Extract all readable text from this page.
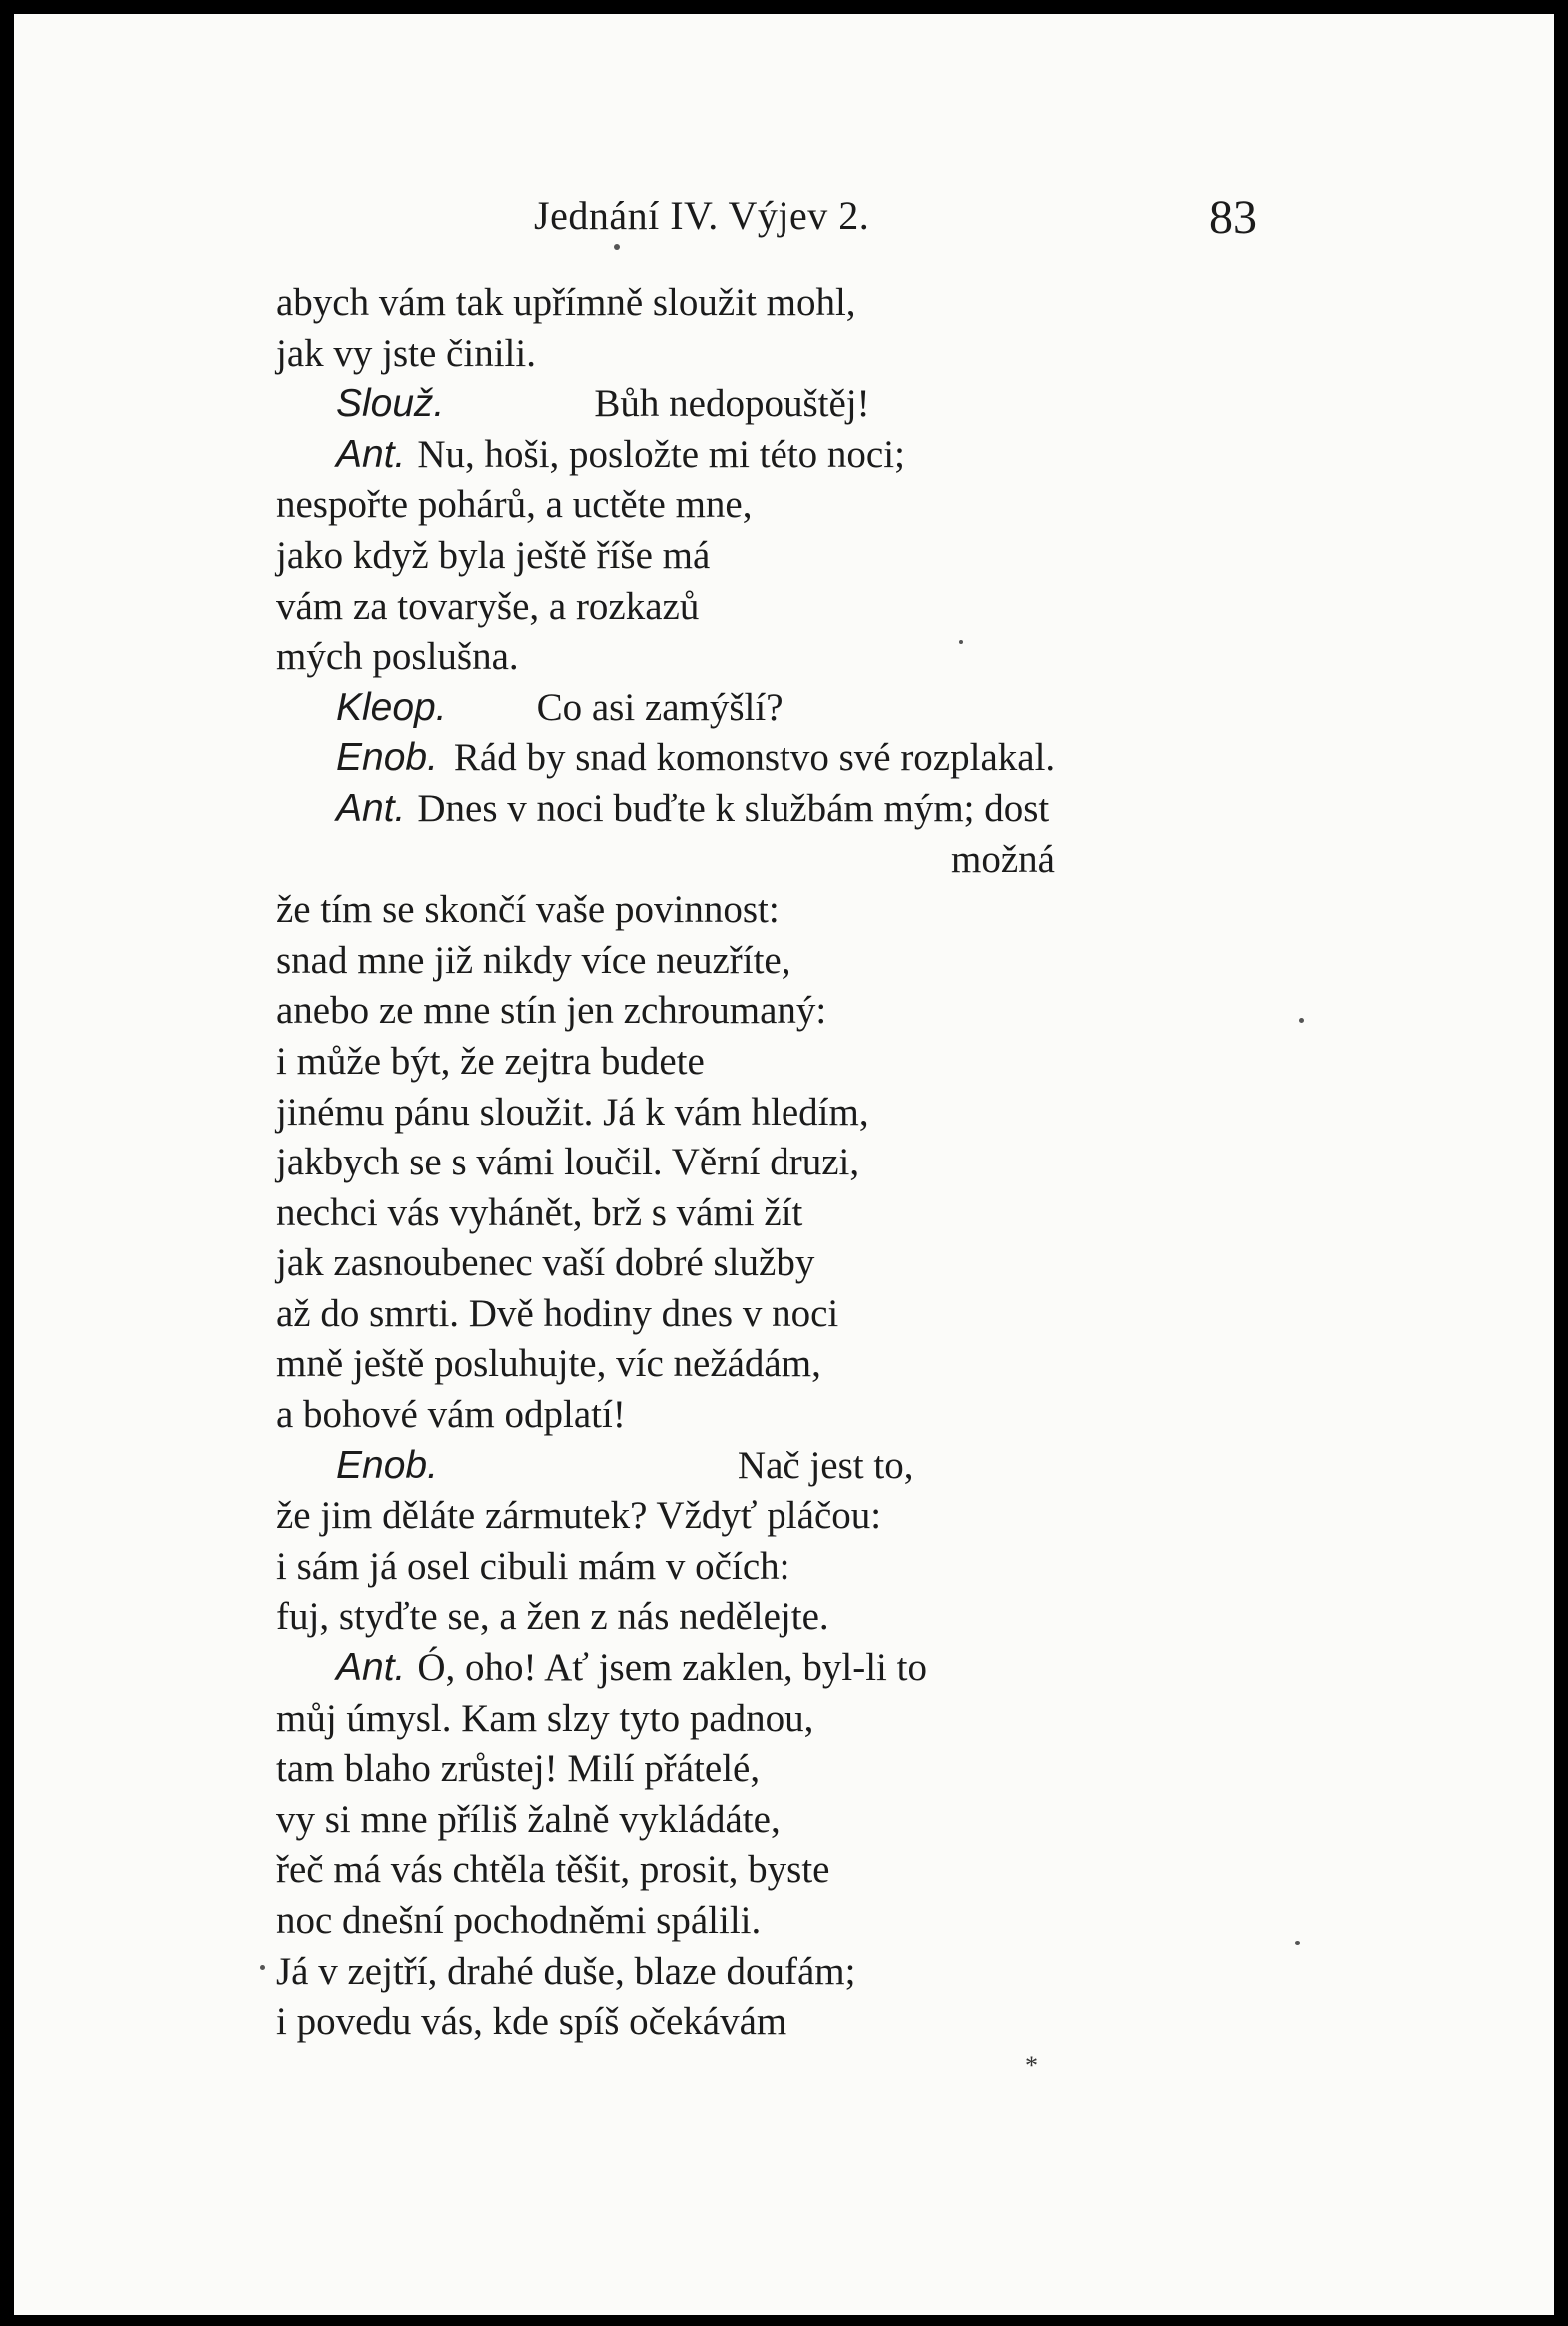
Jednání IV. Výjev 2.	83
abych vám tak upřímně sloužit mohl,
jak vy jste činili.
Slouž.	Bůh nedopouštěj!
Ant. Nu, hoši, posložte mi této noci;
nespořte pohárů, a uctěte mne,
jako když byla ještě říše má
vám za tovaryše, a rozkazů
mých poslušna.
Kleop. Co asi zamýšlí?
Enob. Rád by snad komonstvo své rozplakal.
Ant. Dnes v noci buďte k službám mým; dost
možná
že tím se skončí vaše povinnost:
snad mne již nikdy více neuzříte,
anebo ze mne stín jen zchroumaný:
i může být, že zejtra budete
jinému pánu sloužit. Já k vám hledím,
jakbych se s vámi loučil. Věrní druzi,
nechci vás vyhánět, brž s vámi žít
jak zasnoubenec vaší dobré služby
až do smrti. Dvě hodiny dnes v noci
mně ještě posluhujte, víc nežádám,
a bohové vám odplatí!
Enob.	Nač jest to,
že jim děláte zármutek? Vždyť pláčou:
i sám já osel cibuli mám v očích:
fuj, styďte se, a žen z nás nedělejte.
Ant. Ó, oho! Ať jsem zaklen, byl-li to
můj úmysl. Kam slzy tyto padnou,
tam blaho zrůstej! Milí přátelé,
vy si mne příliš žalně vykládáte,
řeč má vás chtěla těšit, prosit, byste
noc dnešní pochodněmi spálili.
Já v zejtří, drahé duše, blaze doufám;
i povedu vás, kde spíš očekávám
*
